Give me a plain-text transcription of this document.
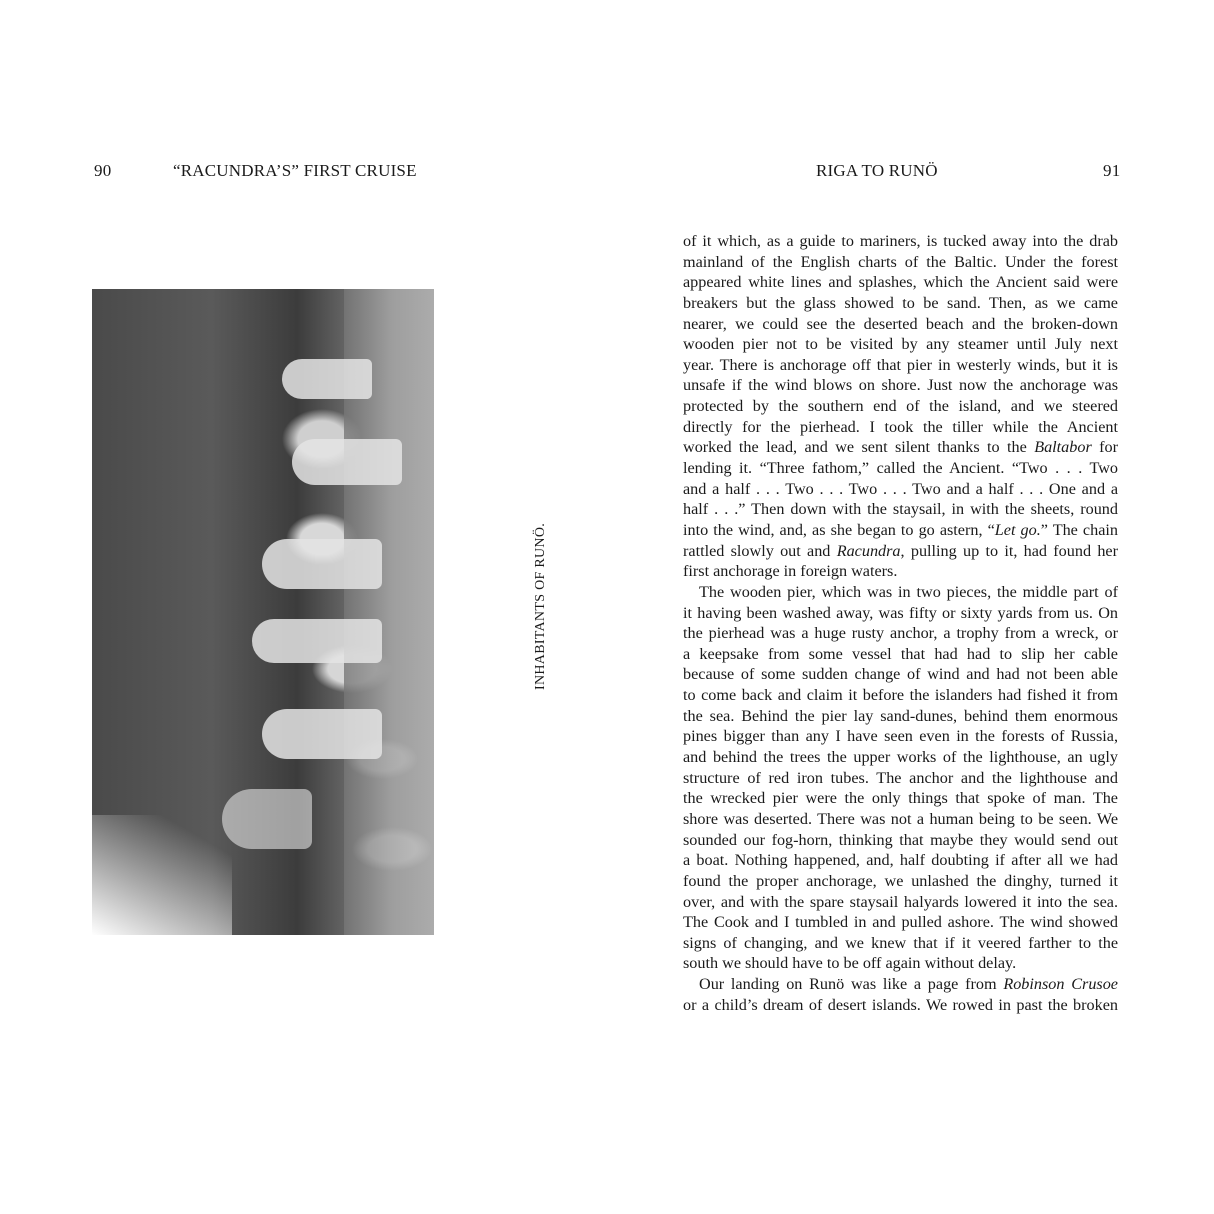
90	“RACUNDRA’S” FIRST CRUISE
INHABITANTS OF RUNÖ.
RIGA TO RUNÖ	91
of it which, as a guide to mariners, is tucked away into the drab
mainland of the English charts of the Baltic. Under the forest
appeared white lines and splashes, which the Ancient said were
breakers but the glass showed to be sand. Then, as we came
nearer, we could see the deserted beach and the broken-down
wooden pier not to be visited by any steamer until July next
year. There is anchorage off that pier in westerly winds, but it is
unsafe if the wind blows on shore. Just now the anchorage was
protected by the southern end of the island, and we steered
directly for the pierhead. I took the tiller while the Ancient
worked the lead, and we sent silent thanks to the Baltabor for
lending it. “Three fathom,” called the Ancient. “Two . . . Two
and a half . . . Two . . . Two . . . Two and a half . . . One and a
half . . .” Then down with the staysail, in with the sheets, round
into the wind, and, as she began to go astern, “Let go.” The chain
rattled slowly out and Racundra, pulling up to it, had found her
first anchorage in foreign waters.
The wooden pier, which was in two pieces, the middle part of
it having been washed away, was fifty or sixty yards from us. On
the pierhead was a huge rusty anchor, a trophy from a wreck, or
a keepsake from some vessel that had had to slip her cable
because of some sudden change of wind and had not been able
to come back and claim it before the islanders had fished it from
the sea. Behind the pier lay sand-dunes, behind them enormous
pines bigger than any I have seen even in the forests of Russia,
and behind the trees the upper works of the lighthouse, an ugly
structure of red iron tubes. The anchor and the lighthouse and
the wrecked pier were the only things that spoke of man. The
shore was deserted. There was not a human being to be seen. We
sounded our fog-horn, thinking that maybe they would send out
a boat. Nothing happened, and, half doubting if after all we had
found the proper anchorage, we unlashed the dinghy, turned it
over, and with the spare staysail halyards lowered it into the sea.
The Cook and I tumbled in and pulled ashore. The wind showed
signs of changing, and we knew that if it veered farther to the
south we should have to be off again without delay.
Our landing on Runö was like a page from Robinson Crusoe
or a child’s dream of desert islands. We rowed in past the broken
